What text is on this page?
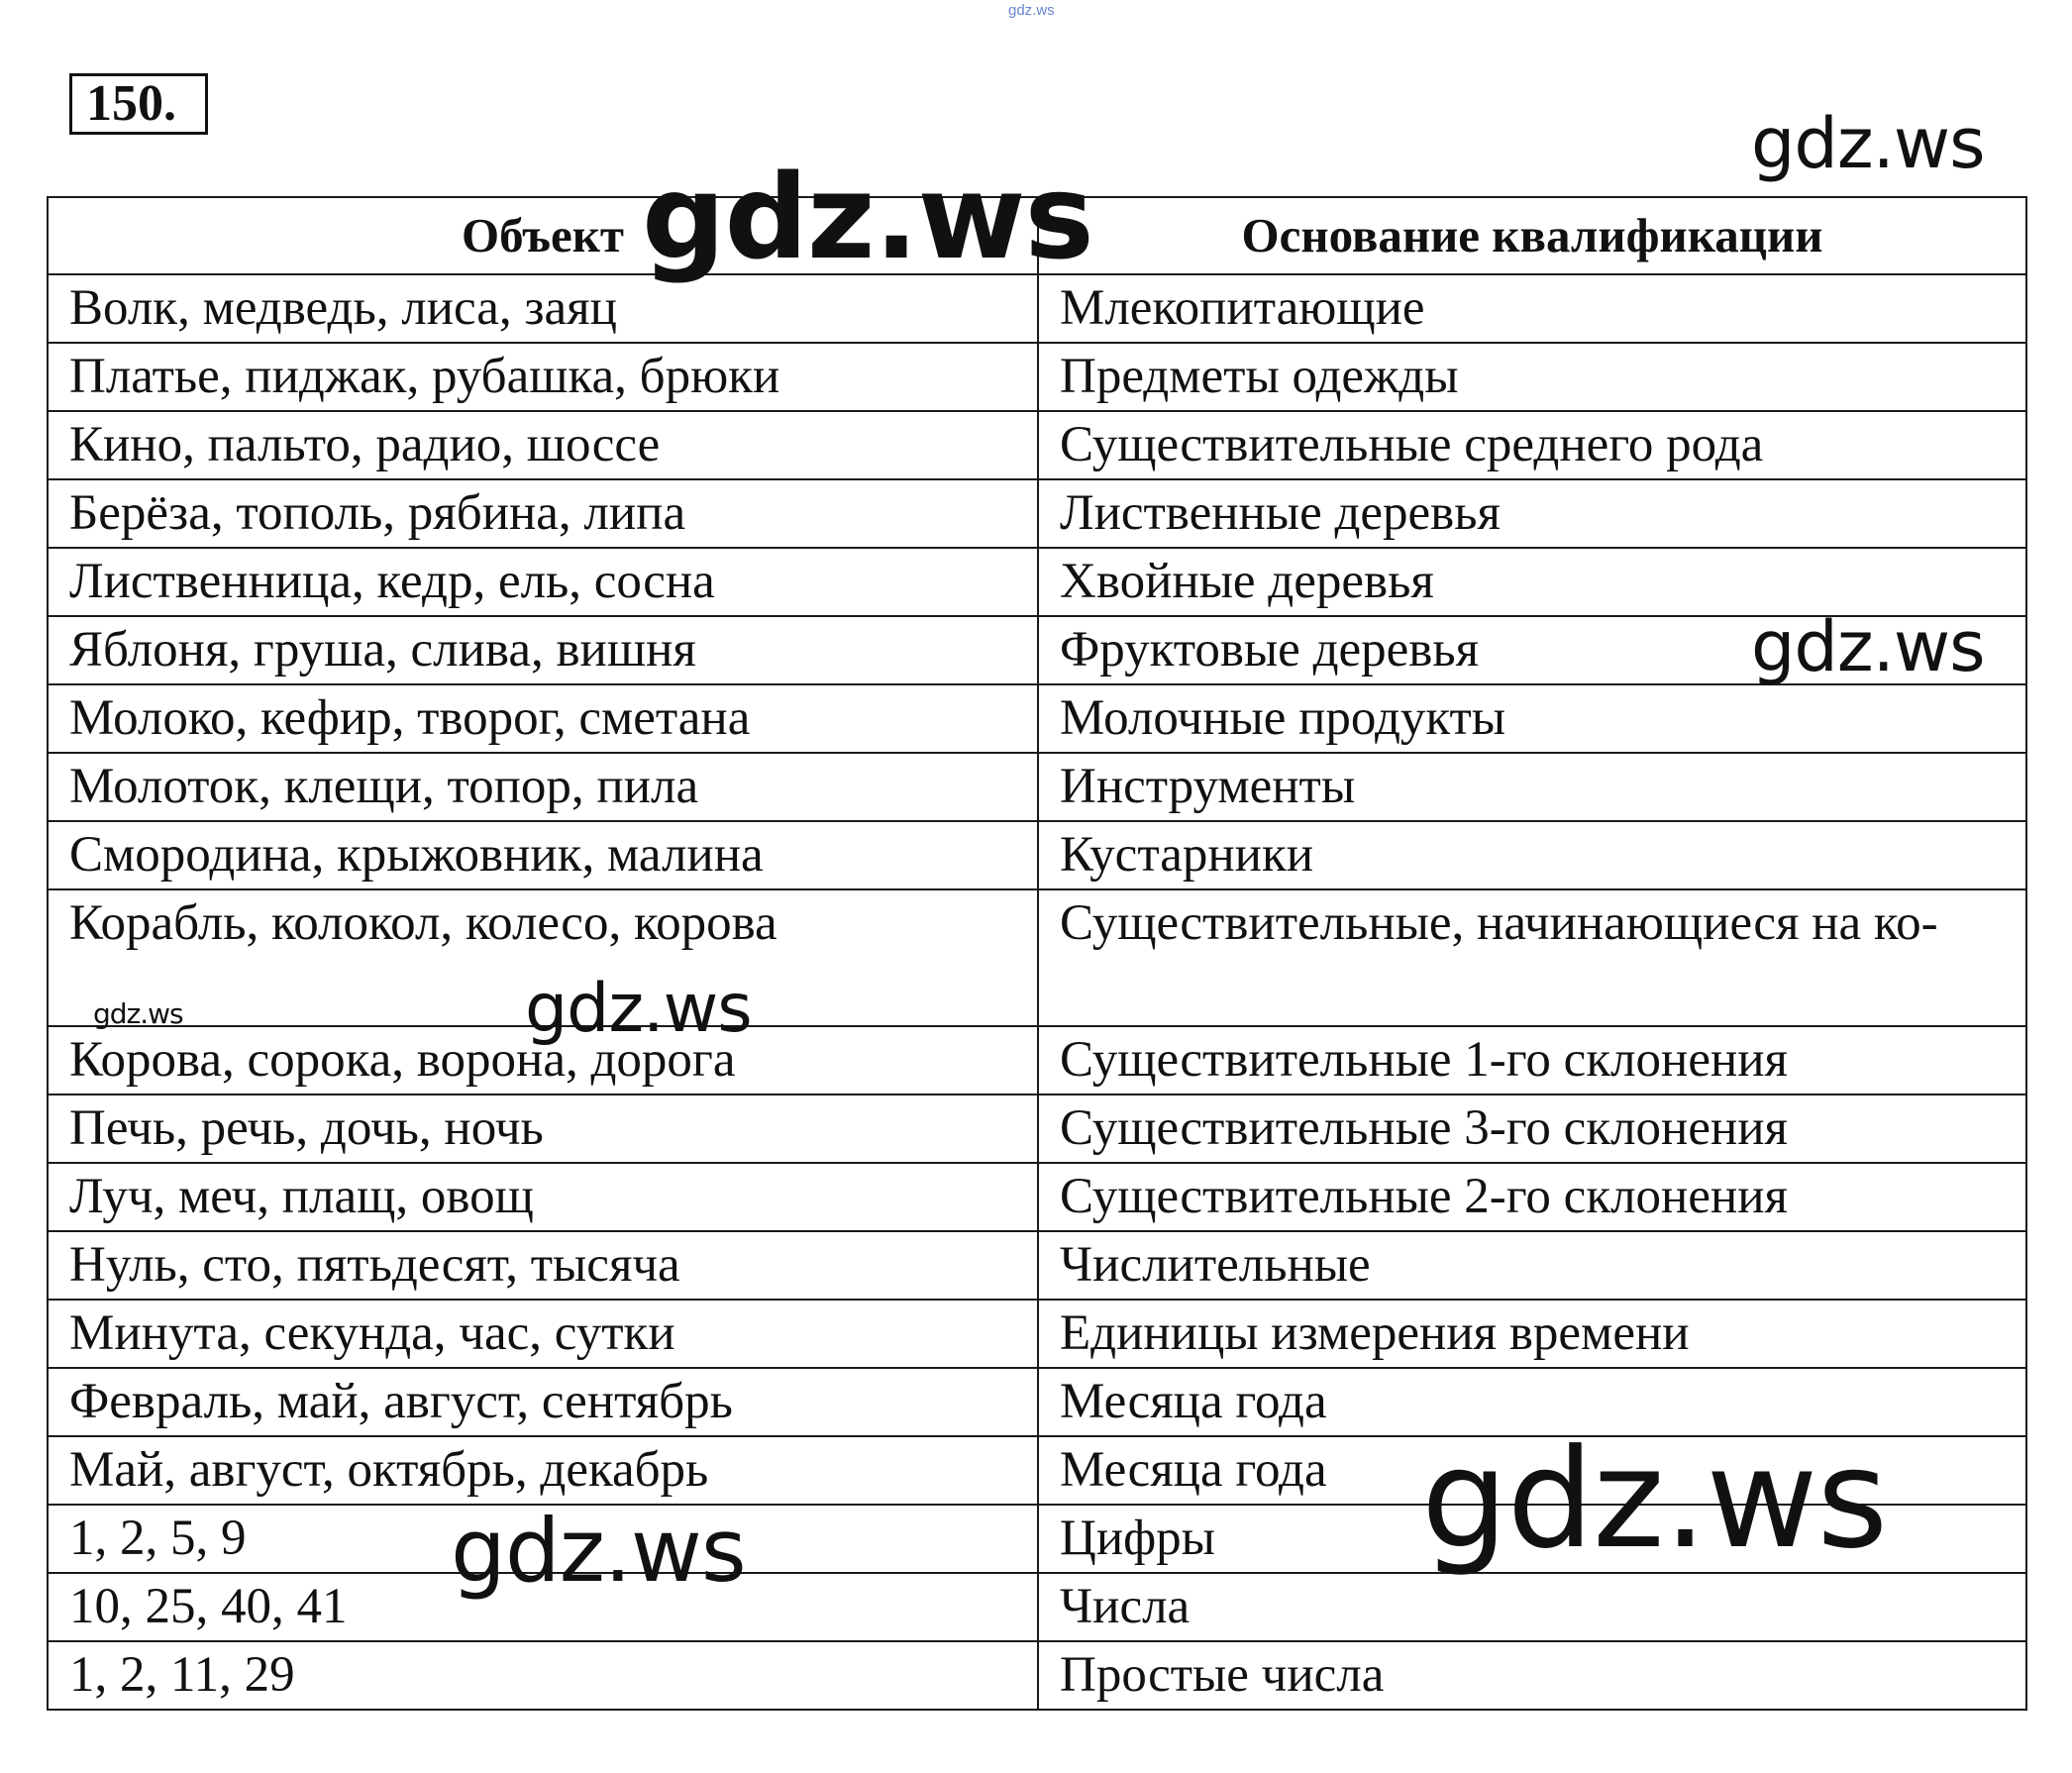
gdz.ws
150.
Объект	Основание квалификации
Волк, медведь, лиса, заяц	Млекопитающие
Платье, пиджак, рубашка, брюки	Предметы одежды
Кино, пальто, радио, шоссе	Существительные среднего рода
Берёза, тополь, рябина, липа	Лиственные деревья
Лиственница, кедр, ель, сосна	Хвойные деревья
Яблоня, груша, слива, вишня	Фруктовые деревья
Молоко, кефир, творог, сметана	Молочные продукты
Молоток, клещи, топор, пила	Инструменты
Смородина, крыжовник, малина	Кустарники
Корабль, колокол, колесо, корова	Существительные, начинающиеся на ко-
Корова, сорока, ворона, дорога	Существительные 1-го склонения
Печь, речь, дочь, ночь	Существительные 3-го склонения
Луч, меч, плащ, овощ	Существительные 2-го склонения
Нуль, сто, пятьдесят, тысяча	Числительные
Минута, секунда, час, сутки	Единицы измерения времени
Февраль, май, август, сентябрь	Месяца года
Май, август, октябрь, декабрь	Месяца года
1, 2, 5, 9	Цифры
10, 25, 40, 41	Числа
1, 2, 11, 29	Простые числа
gdz.ws
gdz.ws
gdz.ws
gdz.ws	gdz.ws
gdz.ws
gdz.ws
